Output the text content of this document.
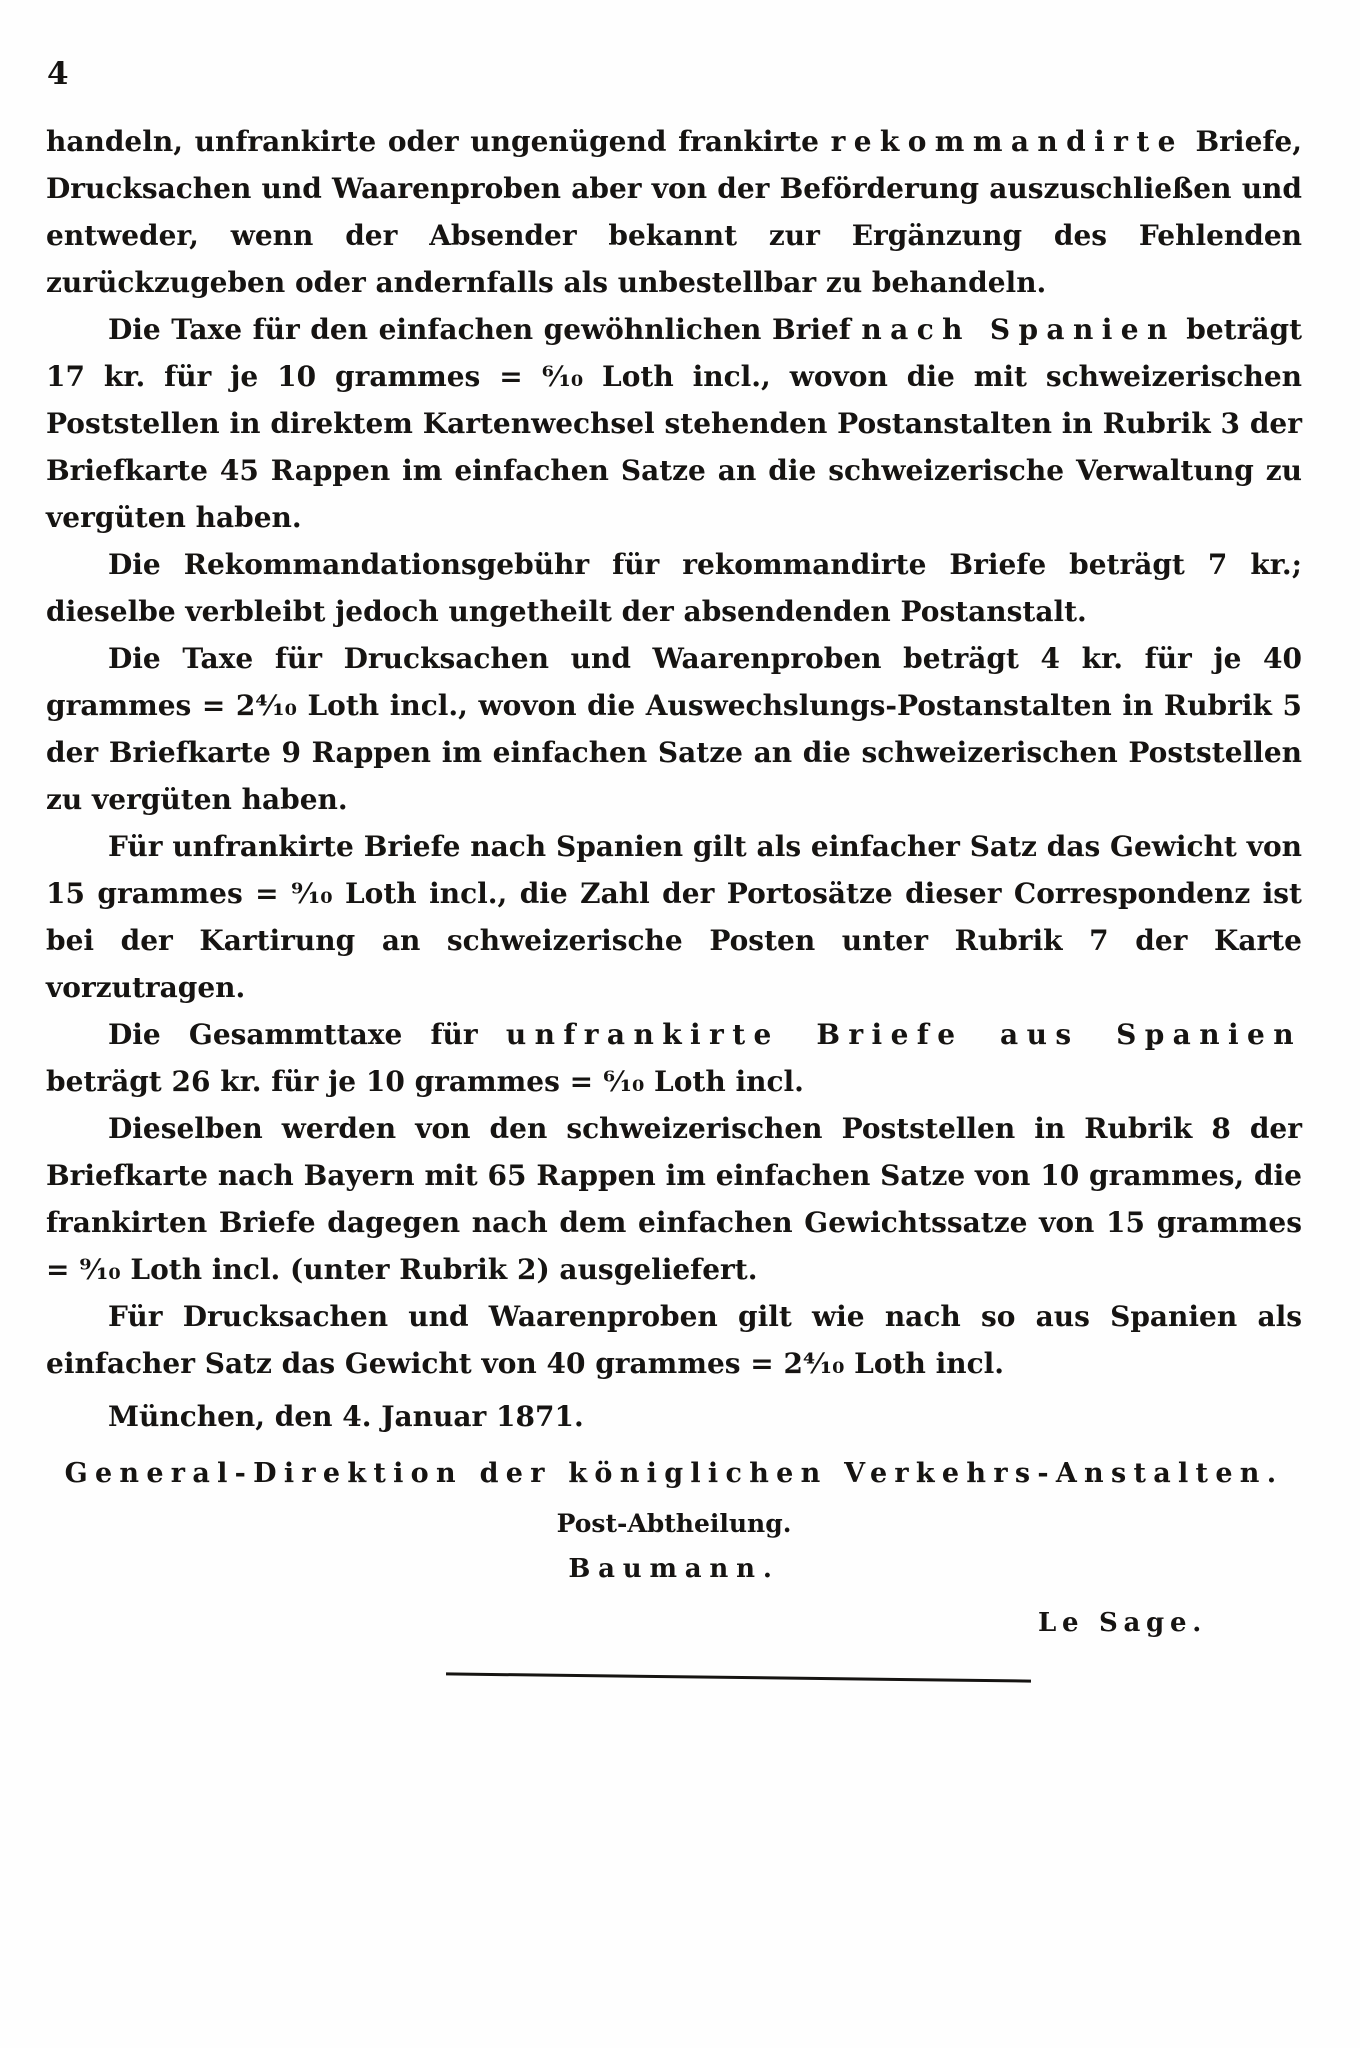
4

handeln, unfrankirte oder ungenügend frankirte rekommandirte Briefe, Drucksachen und Waarenproben aber von der Beförderung auszuschließen und entweder, wenn der Absender bekannt zur Ergänzung des Fehlenden zurückzugeben oder andernfalls als unbestellbar zu behandeln.

Die Taxe für den einfachen gewöhnlichen Brief nach Spanien beträgt 17 kr. für je 10 grammes = ⁶⁄₁₀ Loth incl., wovon die mit schweizerischen Poststellen in direktem Kartenwechsel stehenden Postanstalten in Rubrik 3 der Briefkarte 45 Rappen im einfachen Satze an die schweizerische Verwaltung zu vergüten haben.

Die Rekommandationsgebühr für rekommandirte Briefe beträgt 7 kr.; dieselbe verbleibt jedoch ungetheilt der absendenden Postanstalt.

Die Taxe für Drucksachen und Waarenproben beträgt 4 kr. für je 40 grammes = 2⁴⁄₁₀ Loth incl., wovon die Auswechslungs-Postanstalten in Rubrik 5 der Briefkarte 9 Rappen im einfachen Satze an die schweizerischen Poststellen zu vergüten haben.

Für unfrankirte Briefe nach Spanien gilt als einfacher Satz das Gewicht von 15 grammes = ⁹⁄₁₀ Loth incl., die Zahl der Portosätze dieser Correspondenz ist bei der Kartirung an schweizerische Posten unter Rubrik 7 der Karte vorzutragen.

Die Gesammttaxe für unfrankirte Briefe aus Spanien beträgt 26 kr. für je 10 grammes = ⁶⁄₁₀ Loth incl.

Dieselben werden von den schweizerischen Poststellen in Rubrik 8 der Briefkarte nach Bayern mit 65 Rappen im einfachen Satze von 10 grammes, die frankirten Briefe dagegen nach dem einfachen Gewichtssatze von 15 grammes = ⁹⁄₁₀ Loth incl. (unter Rubrik 2) ausgeliefert.

Für Drucksachen und Waarenproben gilt wie nach so aus Spanien als einfacher Satz das Gewicht von 40 grammes = 2⁴⁄₁₀ Loth incl.

München, den 4. Januar 1871.
General-Direktion der königlichen Verkehrs-Anstalten.
Post-Abtheilung.
Baumann.
Le Sage.
